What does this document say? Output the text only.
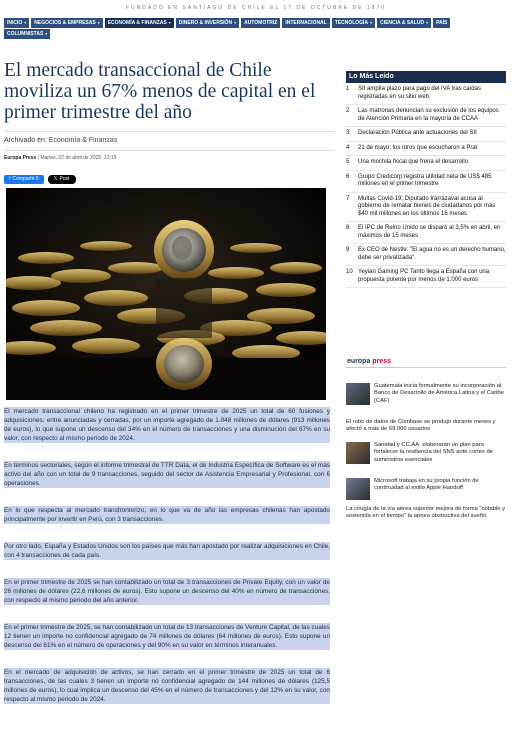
FUNDADO EN SANTIAGO DE CHILE EL 17 DE OCTUBRE DE 1870
INICIO ▾ NEGOCIOS & EMPRESAS ▾ ECONOMÍA & FINANZAS ▾ DINERO & INVERSIÓN ▾ AUTOMOTRIZ INTERNACIONAL TECNOLOGÍA ▾ CIENCIA & SALUD ▾ PAÍS
COLUMNISTAS ▾
El mercado transaccional de Chile moviliza un 67% menos de capital en el primer trimestre del año
Archivado en: Economía & Finanzas
Europa Press | Martes, 22 de abril de 2025, 12:15
f Compartir 0	𝕏 Post

El mercado transaccional chileno ha registrado en el primer trimestre de 2025 un total de 60 fusiones y adquisiciones, entre anunciadas y cerradas, por un importe agregado de 1.048 millones de dólares (913 millones de euros), lo que supone un descenso del 34% en el número de transacciones y una disminución del 67% en su valor, con respecto al mismo periodo de 2024.

En términos sectoriales, según el informe trimestral de TTR Data, el de Industria Específica de Software es el más activo del año con un total de 9 transacciones, seguido del sector de Asistencia Empresarial y Profesional, con 6 operaciones.

En lo que respecta al mercado transfronterizo, en lo que va de año las empresas chilenas han apostado principalmente por invertir en Perú, con 3 transacciones.

Por otro lado, España y Estados Unidos son los países que más han apostado por realizar adquisiciones en Chile, con 4 transacciones de cada país.

En el primer trimestre de 2025 se han contabilizado un total de 3 transacciones de Private Equity, con un valor de 26 millones de dólares (22,6 millones de euros). Esto supone un descenso del 40% en número de transacciones, con respecto al mismo periodo del año anterior.

En el primer trimestre de 2025, se han contabilizado un total de 13 transacciones de Venture Capital, de las cuales 12 tienen un importe no confidencial agregado de 74 millones de dólares (64 millones de euros). Esto supone un descenso del 61% en el número de operaciones y del 90% en su valor en términos interanuales.

En el mercado de adquisición de activos, se han cerrado en el primer trimestre de 2025 un total de 6 transacciones, de las cuales 3 tienen un importe no confidencial agregado de 144 millones de dólares (125,5 millones de euros), lo cual implica un descenso del 45% en el número de transacciones y del 12% en su valor, con respecto al mismo periodo de 2024.

Lo Más Leído
1	SII amplía plazo para pago del IVA tras caídas registradas en su sitio web
2	Las matronas denuncian su exclusión de los equipos de Atención Primaria en la mayoría de CCAA
3	Declaración Pública ante actuaciones del SII
4	21 de mayo: los otros que escucharon a Prat
5	Una mochila fiscal que frena el desarrollo
6	Grupo Credicorp registra utilidad neta de US$ 485 millones en el primer trimestre
7	Multas Covid-19: Diputado Irarrázaval acusa al gobierno de rematar bienes de ciudadanos por más $40 mil millones en los últimos 16 meses
8	El IPC de Reino Unido se disparó al 3,5% en abril, en máximos de 15 meses
9	Ex CEO de Nestle: "El agua no es un derecho humano, debe ser privatizada"
10 Yeyian Gaming PC Tanto llega a España con una propuesta potente por menos de 1.000 euros
europa press
Guatemala inicia formalmente su incorporación al Banco de Desarrollo de América Latina y el Caribe (CAF)
El robo de datos de Coinbase se produjo durante meses y afectó a más de 69.000 usuarios
Sanidad y CC.AA. elaborarán un plan para fortalecer la resiliencia del SNS ante cortes de suministros esenciales
Microsoft trabaja en su propia función de continuidad al estilo Apple Handoff
La cirugía de la vía aérea superior mejora de forma "notable y sostenida en el tiempo" la apnea obstructiva del sueño
